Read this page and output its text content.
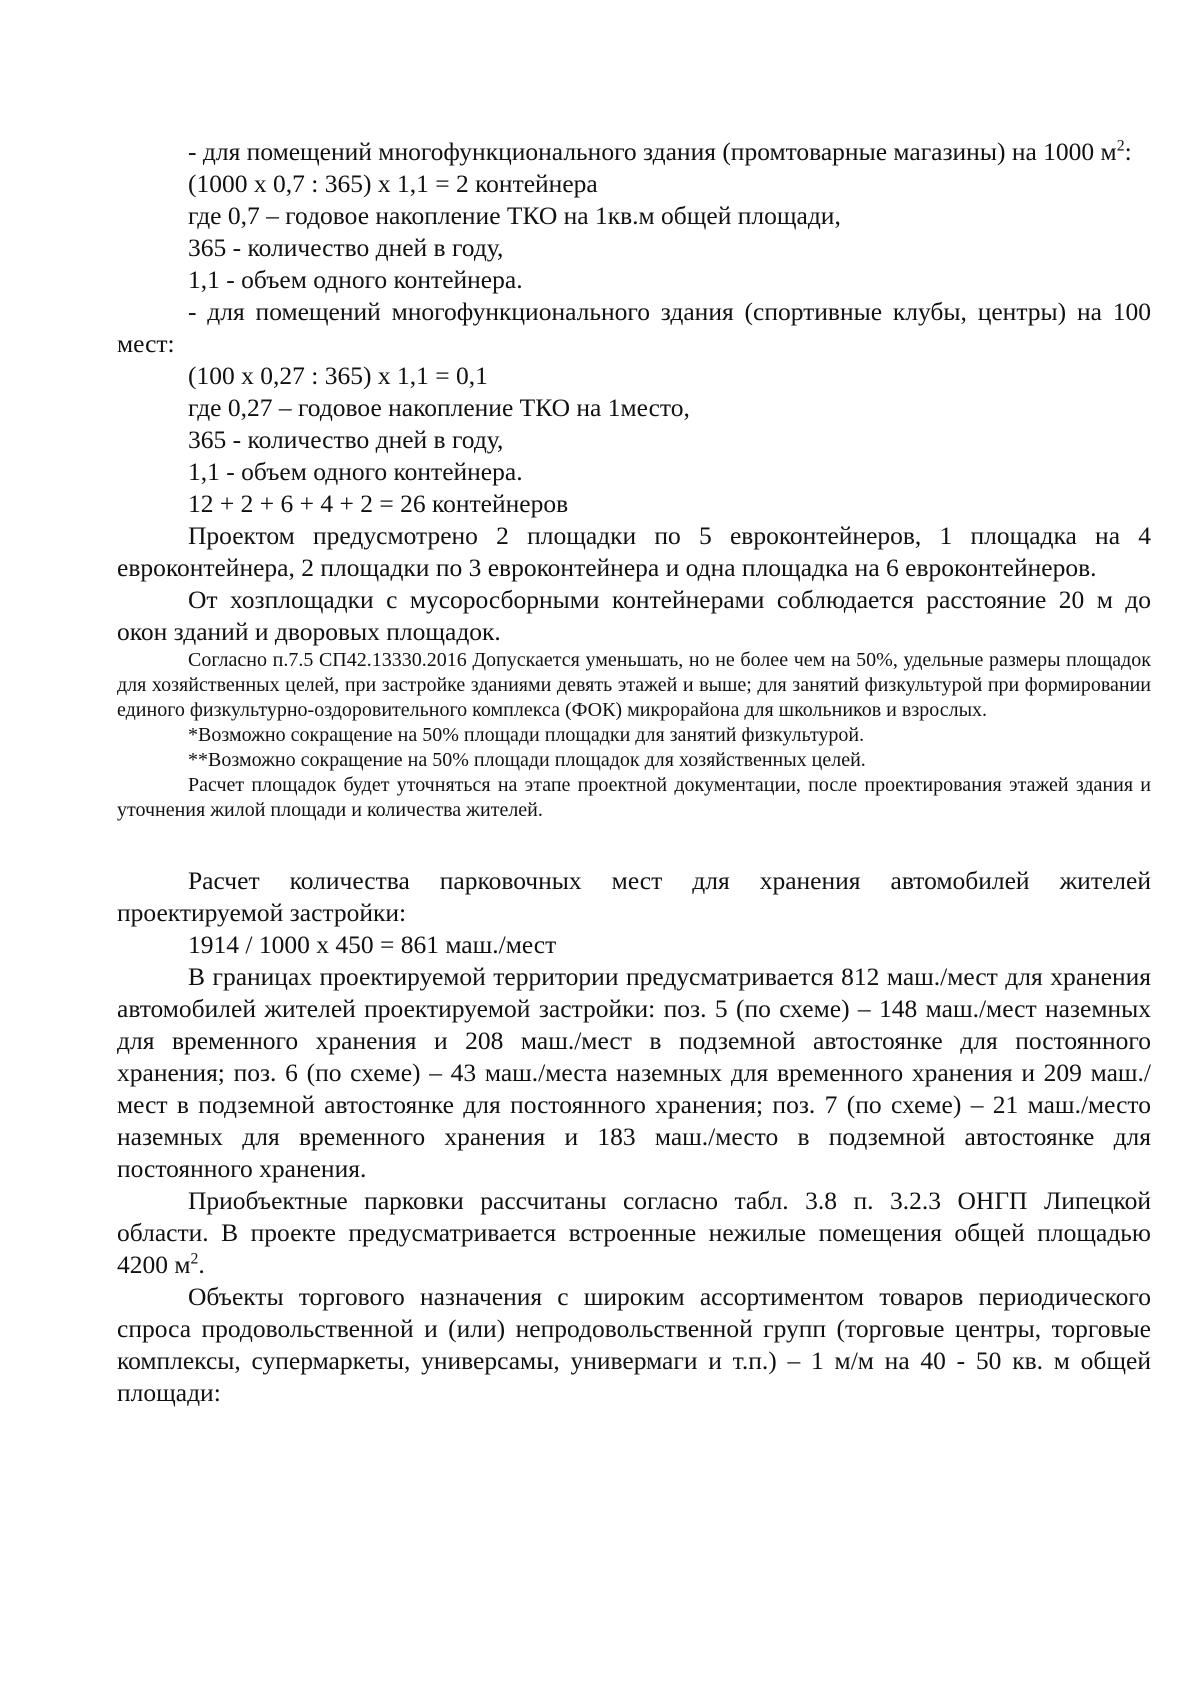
- для помещений многофункционального здания (промтоварные магазины) на 1000 $м^2$:

(1000 х 0,7 : 365) х 1,1 = 2 контейнера

где 0,7 – годовое накопление ТКО на 1кв.м общей площади,

365 - количество дней в году,

1,1 - объем одного контейнера.

- для помещений многофункционального здания (спортивные клубы, центры) на 100 мест:

(100 х 0,27 : 365) х 1,1 = 0,1

где 0,27 – годовое накопление ТКО на 1место,

365 - количество дней в году,

1,1 - объем одного контейнера.

12 + 2 + 6 + 4 + 2 = 26 контейнеров

Проектом предусмотрено 2 площадки по 5 евроконтейнеров, 1 площадка на 4 евроконтейнера, 2 площадки по 3 евроконтейнера и одна площадка на 6 евроконтейнеров.

От хозплощадки с мусоросборными контейнерами соблюдается расстояние 20 м до окон зданий и дворовых площадок.

Согласно п.7.5 СП42.13330.2016 Допускается уменьшать, но не более чем на 50%, удельные размеры площадок для хозяйственных целей, при застройке зданиями девять этажей и выше; для занятий физкультурой при формировании единого физкультурно-оздоровительного комплекса (ФОК) микрорайона для школьников и взрослых.

*Возможно сокращение на 50% площади площадки для занятий физкультурой.

**Возможно сокращение на 50% площади площадок для хозяйственных целей.

Расчет площадок будет уточняться на этапе проектной документации, после проектирования этажей здания и уточнения жилой площади и количества жителей.

Расчет количества парковочных мест для хранения автомобилей жителей проектируемой застройки:

1914 / 1000 х 450 = 861 маш./мест

В границах проектируемой территории предусматривается 812 маш./мест для хранения автомобилей жителей проектируемой застройки: поз. 5 (по схеме) – 148 маш./мест наземных для временного хранения и 208 маш./мест в подземной автостоянке для постоянного хранения; поз. 6 (по схеме) – 43 маш./места наземных для временного хранения и 209 маш./мест в подземной автостоянке для постоянного хранения; поз. 7 (по схеме) – 21 маш./место наземных для временного хранения и 183 маш./место в подземной автостоянке для постоянного хранения.

Приобъектные парковки рассчитаны согласно табл. 3.8 п. 3.2.3 ОНГП Липецкой области. В проекте предусматривается встроенные нежилые помещения общей площадью 4200 $м^2$.

Объекты торгового назначения с широким ассортиментом товаров периодического спроса продовольственной и (или) непродовольственной групп (торговые центры, торговые комплексы, супермаркеты, универсамы, универмаги и т.п.) – 1 м/м на 40 - 50 кв. м общей площади:
